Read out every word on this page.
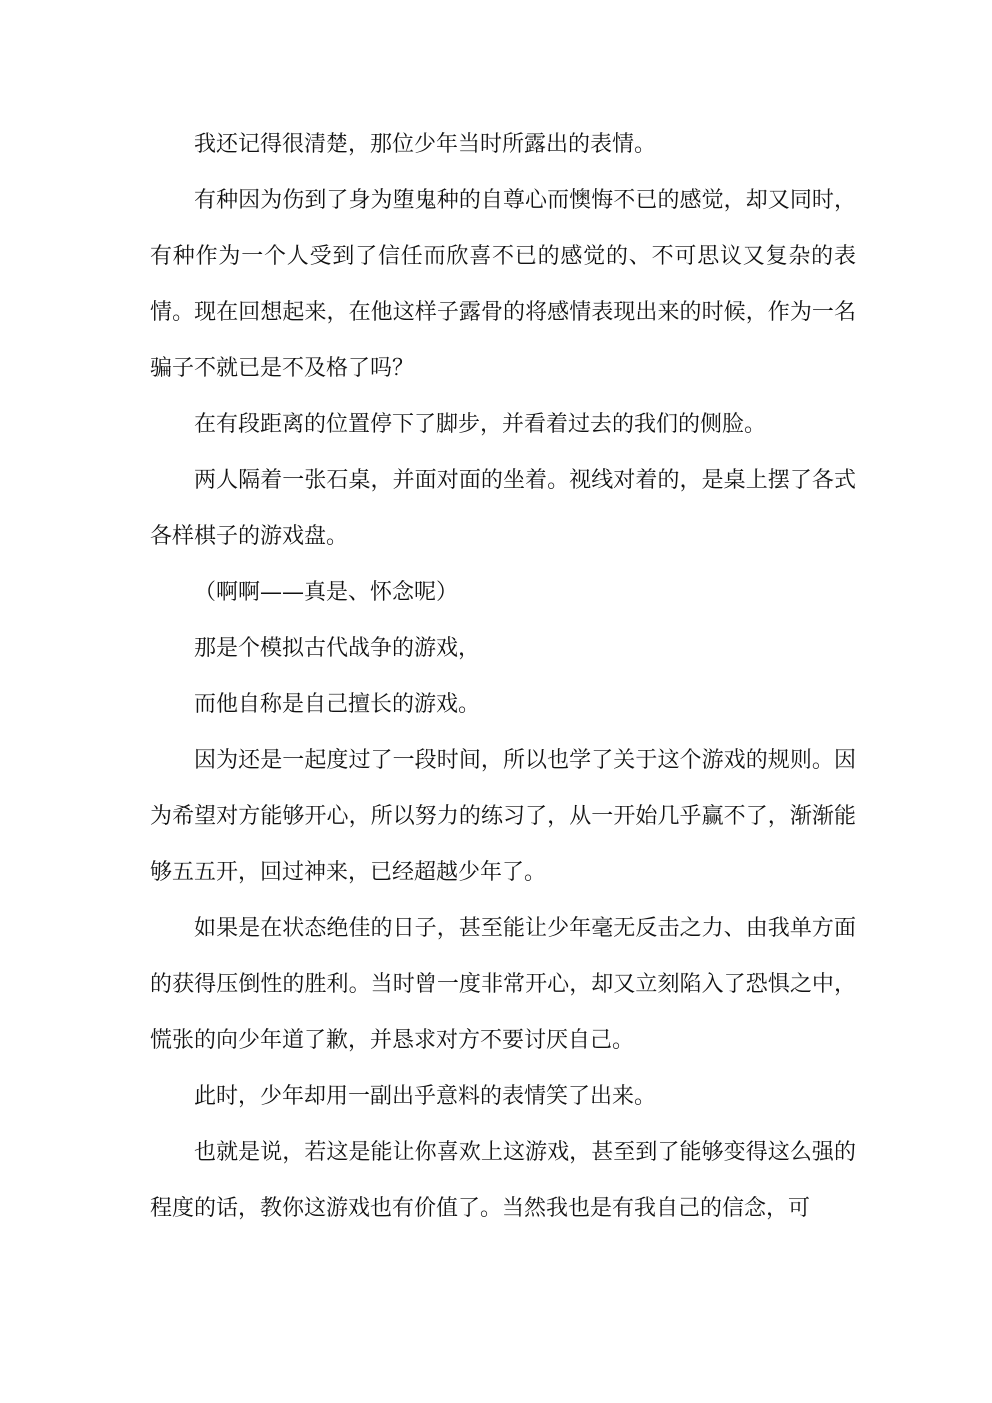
我还记得很清楚，那位少年当时所露出的表情。

有种因为伤到了身为堕鬼种的自尊心而懊悔不已的感觉，却又同时，有种作为一个人受到了信任而欣喜不已的感觉的、不可思议又复杂的表情。现在回想起来，在他这样子露骨的将感情表现出来的时候，作为一名骗子不就已是不及格了吗？

在有段距离的位置停下了脚步，并看着过去的我们的侧脸。

两人隔着一张石桌，并面对面的坐着。视线对着的，是桌上摆了各式各样棋子的游戏盘。

（啊啊——真是、怀念呢）

那是个模拟古代战争的游戏，

而他自称是自己擅长的游戏。

因为还是一起度过了一段时间，所以也学了关于这个游戏的规则。因为希望对方能够开心，所以努力的练习了，从一开始几乎赢不了，渐渐能够五五开，回过神来，已经超越少年了。

如果是在状态绝佳的日子，甚至能让少年毫无反击之力、由我单方面的获得压倒性的胜利。当时曾一度非常开心，却又立刻陷入了恐惧之中，慌张的向少年道了歉，并恳求对方不要讨厌自己。

此时，少年却用一副出乎意料的表情笑了出来。

也就是说，若这是能让你喜欢上这游戏，甚至到了能够变得这么强的程度的话，教你这游戏也有价值了。当然我也是有我自己的信念，可
